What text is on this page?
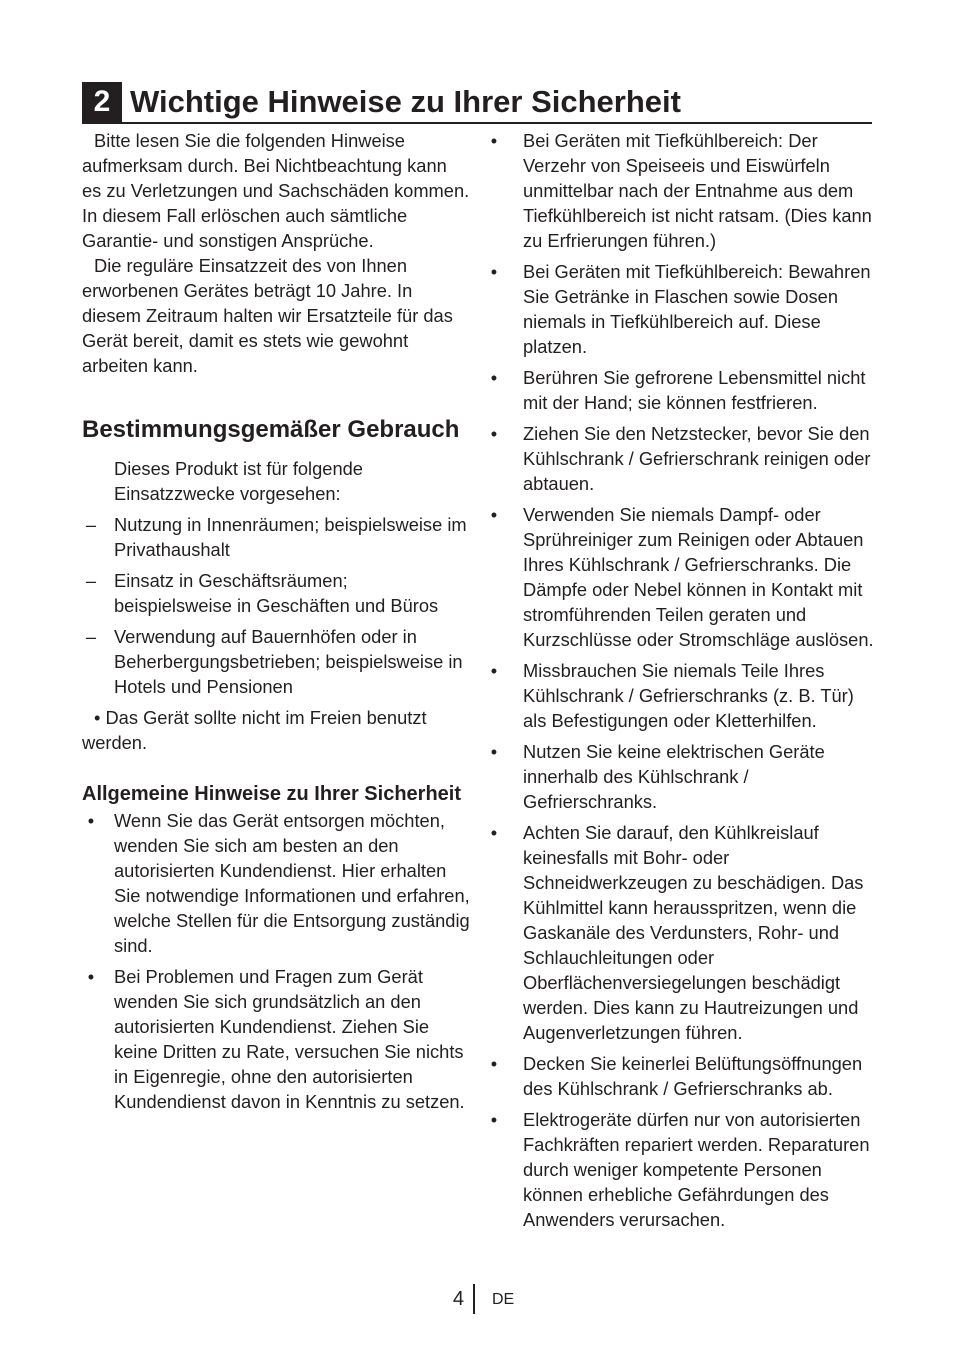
2 Wichtige Hinweise zu Ihrer Sicherheit

Bitte lesen Sie die folgenden Hinweise aufmerksam durch. Bei Nichtbeachtung kann es zu Verletzungen und Sachschäden kommen. In diesem Fall erlöschen auch sämtliche Garantie- und sonstigen Ansprüche.

Die reguläre Einsatzzeit des von Ihnen erworbenen Gerätes beträgt 10 Jahre. In diesem Zeitraum halten wir Ersatzteile für das Gerät bereit, damit es stets wie gewohnt arbeiten kann.

Bestimmungsgemäßer Gebrauch

Dieses Produkt ist für folgende Einsatzzwecke vorgesehen:

– Nutzung in Innenräumen; beispielsweise im Privathaushalt
– Einsatz in Geschäftsräumen; beispielsweise in Geschäften und Büros
– Verwendung auf Bauernhöfen oder in Beherbergungsbetrieben; beispielsweise in Hotels und Pensionen

• Das Gerät sollte nicht im Freien benutzt werden.

Allgemeine Hinweise zu Ihrer Sicherheit
•	Wenn Sie das Gerät entsorgen möchten, wenden Sie sich am besten an den autorisierten Kundendienst. Hier erhalten Sie notwendige Informationen und erfahren, welche Stellen für die Entsorgung zuständig sind.
•	Bei Problemen und Fragen zum Gerät wenden Sie sich grundsätzlich an den autorisierten Kundendienst. Ziehen Sie keine Dritten zu Rate, versuchen Sie nichts in Eigenregie, ohne den autorisierten Kundendienst davon in Kenntnis zu setzen.
•	Bei Geräten mit Tiefkühlbereich: Der Verzehr von Speiseeis und Eiswürfeln unmittelbar nach der Entnahme aus dem Tiefkühlbereich ist nicht ratsam. (Dies kann zu Erfrierungen führen.)
•	Bei Geräten mit Tiefkühlbereich: Bewahren Sie Getränke in Flaschen sowie Dosen niemals in Tiefkühlbereich auf. Diese platzen.
•	Berühren Sie gefrorene Lebensmittel nicht mit der Hand; sie können festfrieren.
•	Ziehen Sie den Netzstecker, bevor Sie den Kühlschrank / Gefrierschrank reinigen oder abtauen.
•	Verwenden Sie niemals Dampf- oder Sprühreiniger zum Reinigen oder Abtauen Ihres Kühlschrank / Gefrierschranks. Die Dämpfe oder Nebel können in Kontakt mit stromführenden Teilen geraten und Kurzschlüsse oder Stromschläge auslösen.
•	Missbrauchen Sie niemals Teile Ihres Kühlschrank / Gefrierschranks (z. B. Tür) als Befestigungen oder Kletterhilfen.
•	Nutzen Sie keine elektrischen Geräte innerhalb des Kühlschrank / Gefrierschranks.
•	Achten Sie darauf, den Kühlkreislauf keinesfalls mit Bohr- oder Schneidwerkzeugen zu beschädigen. Das Kühlmittel kann herausspritzen, wenn die Gaskanäle des Verdunsters, Rohr- und Schlauchleitungen oder Oberflächenversiegelungen beschädigt werden. Dies kann zu Hautreizungen und Augenverletzungen führen.
•	Decken Sie keinerlei Belüftungsöffnungen des Kühlschrank / Gefrierschranks ab.
•	Elektrogeräte dürfen nur von autorisierten Fachkräften repariert werden. Reparaturen durch weniger kompetente Personen können erhebliche Gefährdungen des Anwenders verursachen.
4 DE
